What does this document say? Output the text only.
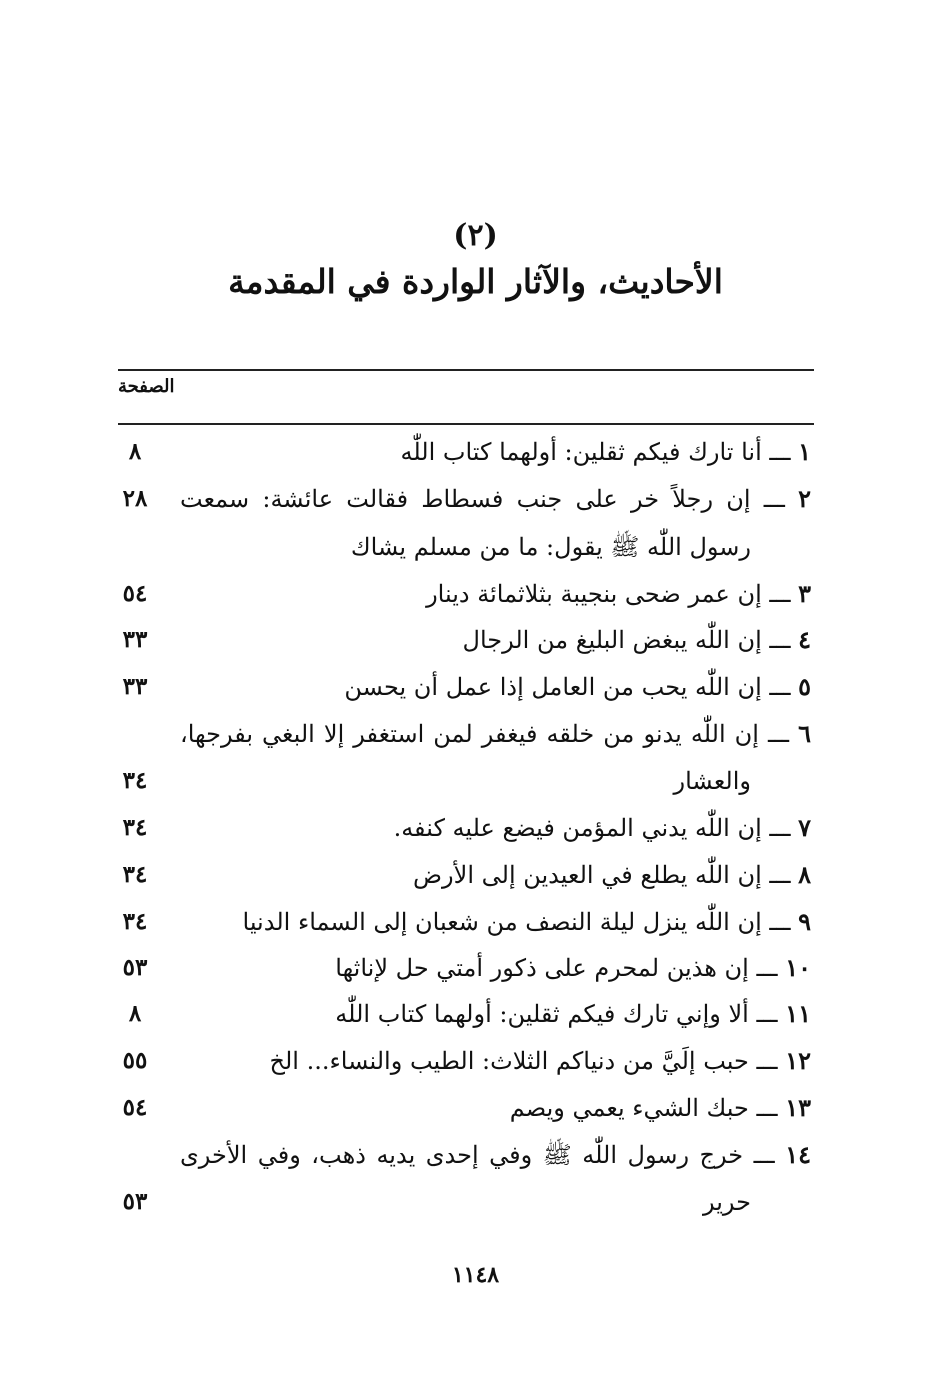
(٢)
الأحاديث، والآثار الواردة في المقدمة
الصفحة
١ ـــ أنا تارك فيكم ثقلين: أولهما كتاب اللّٰه
٨
٢ ـــ إن رجلاً خر على جنب فسطاط فقالت عائشة: سمعت
رسول اللّٰه ﷺ يقول: ما من مسلم يشاك
٢٨
٣ ـــ إن عمر ضحى بنجيبة بثلاثمائة دينار
٥٤
٤ ـــ إن اللّٰه يبغض البليغ من الرجال
٣٣
٥ ـــ إن اللّٰه يحب من العامل إذا عمل أن يحسن
٣٣
٦ ـــ إن اللّٰه يدنو من خلقه فيغفر لمن استغفر إلا البغي بفرجها،
والعشار
٣٤
٧ ـــ إن اللّٰه يدني المؤمن فيضع عليه كنفه.
٣٤
٨ ـــ إن اللّٰه يطلع في العيدين إلى الأرض
٣٤
٩ ـــ إن اللّٰه ينزل ليلة النصف من شعبان إلى السماء الدنيا
٣٤
١٠ ـــ إن هذين لمحرم على ذكور أمتي حل لإناثها
٥٣
١١ ـــ ألا وإني تارك فيكم ثقلين: أولهما كتاب اللّٰه
٨
١٢ ـــ حبب إلَيَّ من دنياكم الثلاث: الطيب والنساء... الخ
٥٥
١٣ ـــ حبك الشيء يعمي ويصم
٥٤
١٤ ـــ خرج رسول اللّٰه ﷺ وفي إحدى يديه ذهب، وفي الأخرى
حرير
٥٣
١١٤٨
